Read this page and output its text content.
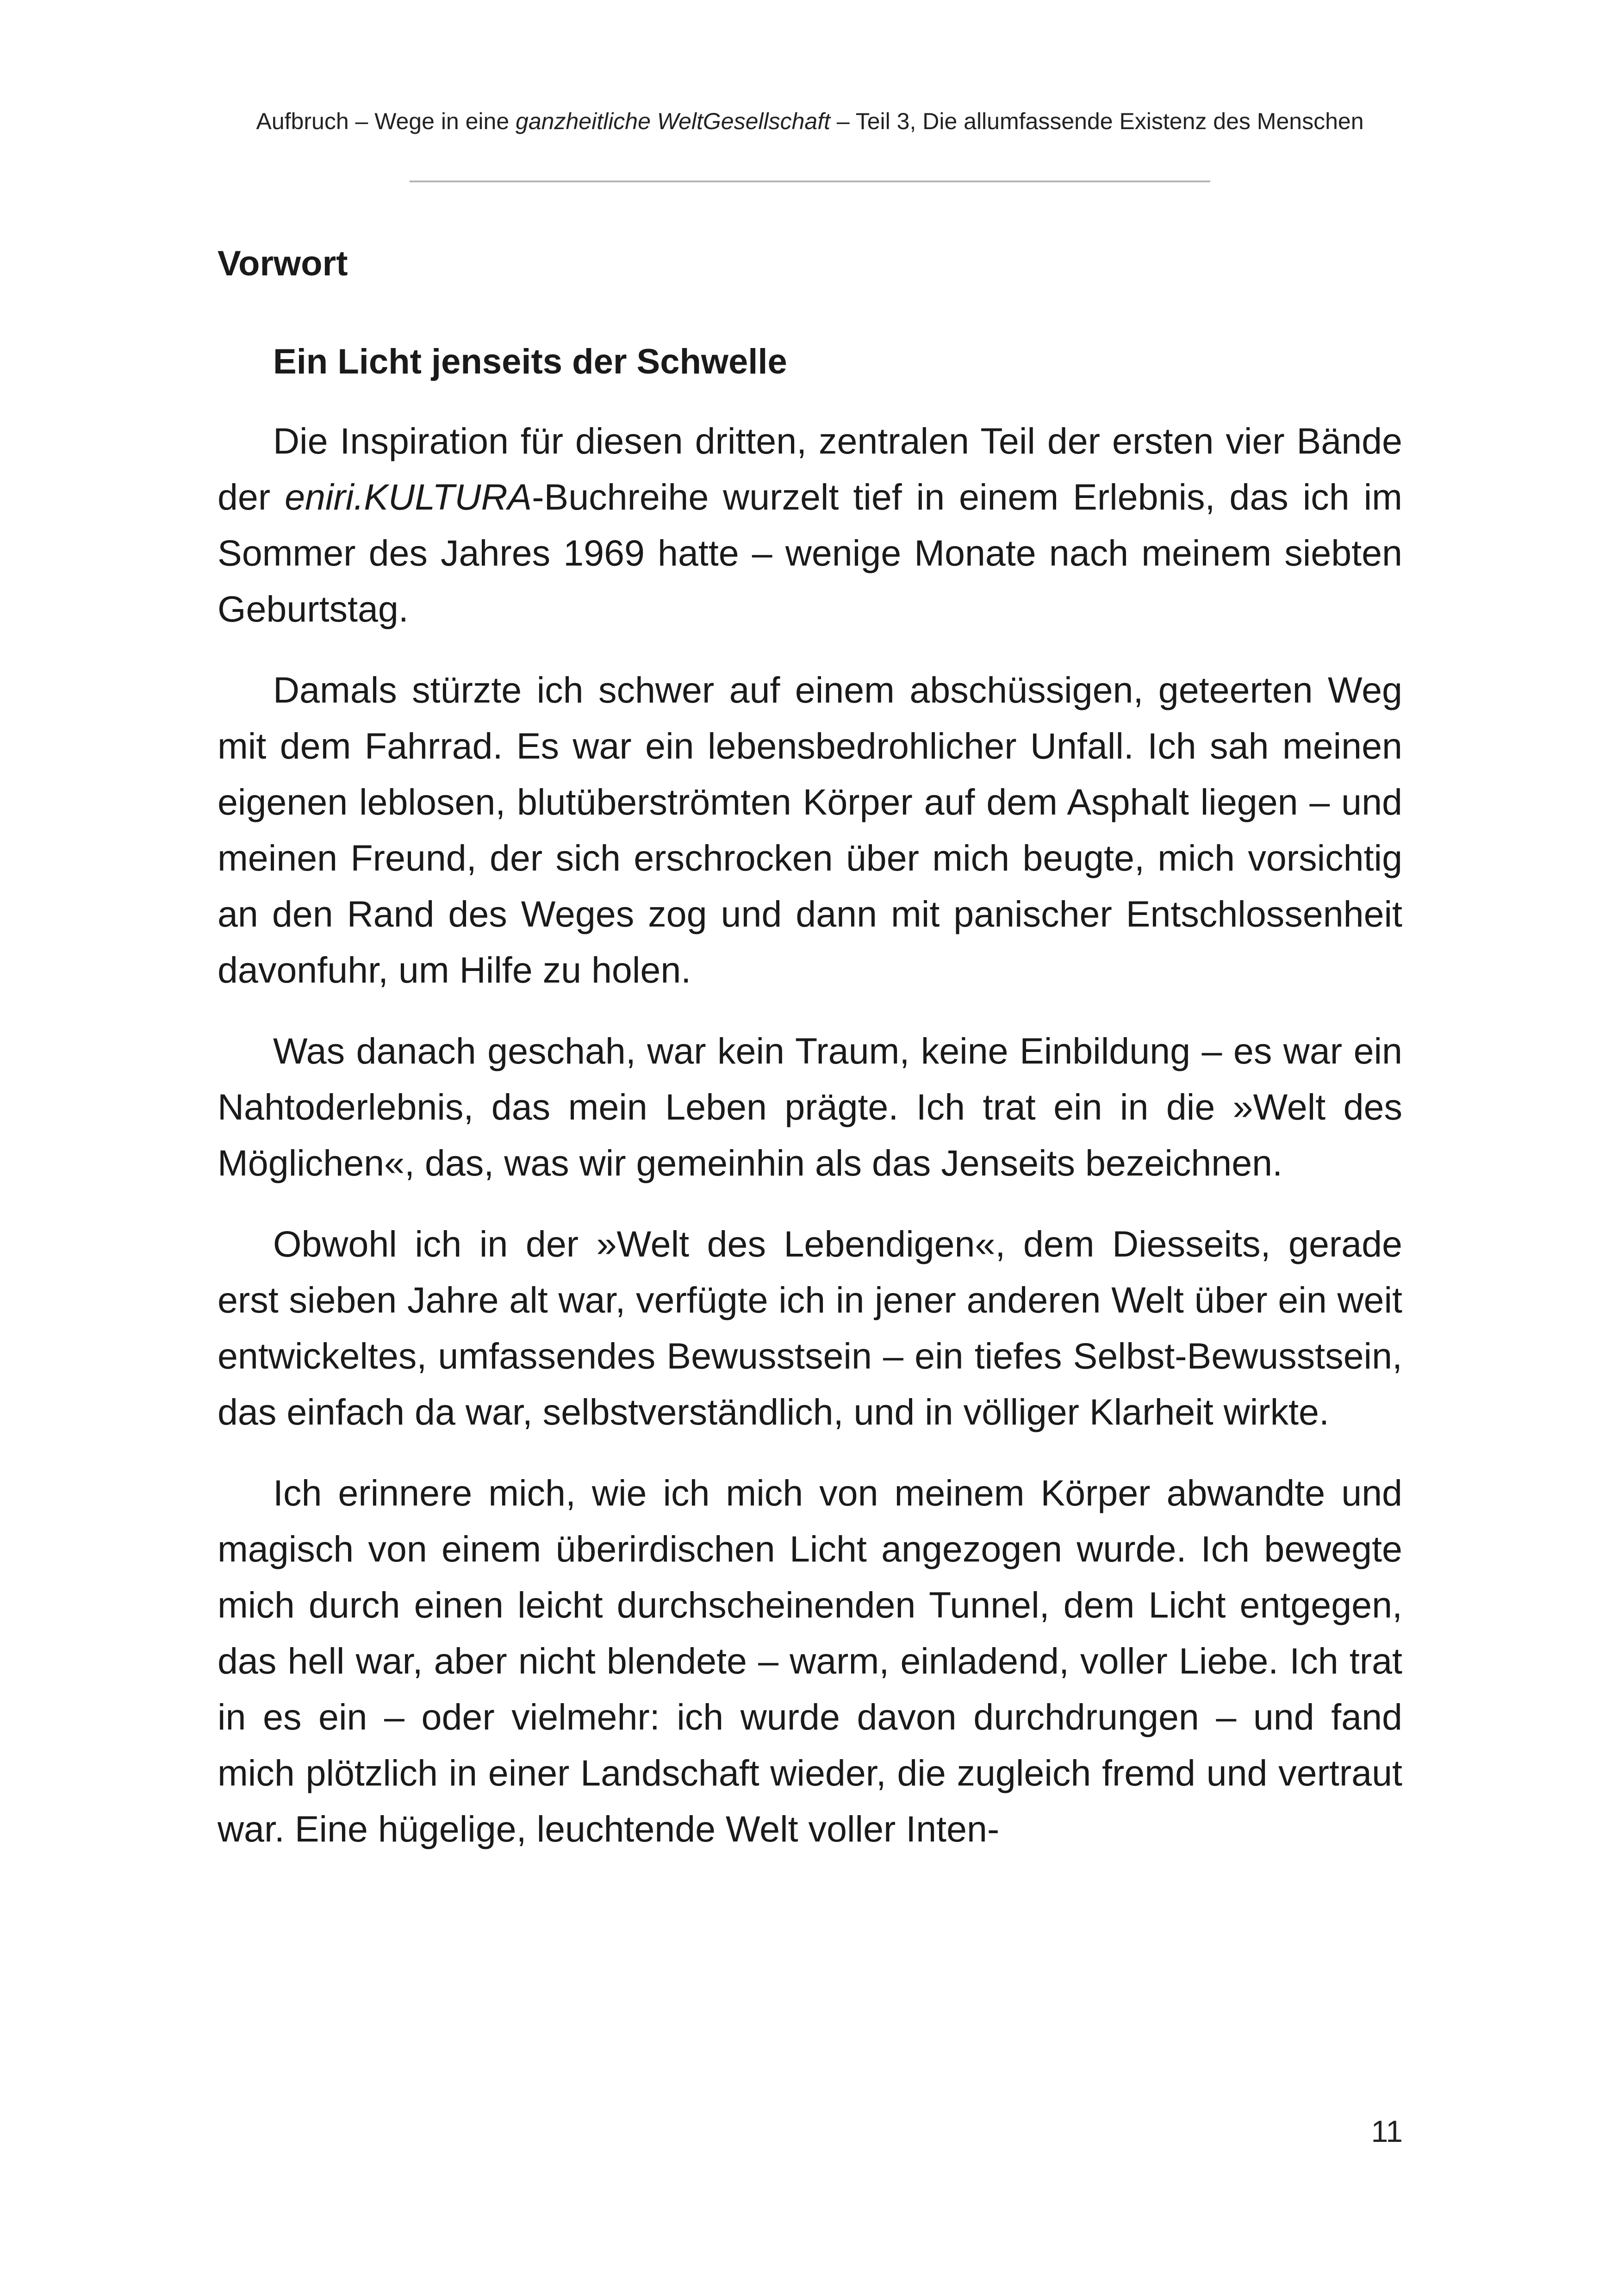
Aufbruch – Wege in eine ganzheitliche WeltGesellschaft – Teil 3, Die allumfassende Existenz des Menschen
Vorwort
Ein Licht jenseits der Schwelle

Die Inspiration für diesen dritten, zentralen Teil der ersten vier Bände der eniri.KULTURA-Buchreihe wurzelt tief in einem Erlebnis, das ich im Sommer des Jahres 1969 hatte – wenige Monate nach meinem siebten Geburtstag.

Damals stürzte ich schwer auf einem abschüssigen, geteerten Weg mit dem Fahrrad. Es war ein lebensbedrohlicher Unfall. Ich sah meinen eigenen leblosen, blutüberströmten Körper auf dem Asphalt liegen – und meinen Freund, der sich erschrocken über mich beugte, mich vorsichtig an den Rand des Weges zog und dann mit panischer Entschlossenheit davonfuhr, um Hilfe zu holen.

Was danach geschah, war kein Traum, keine Einbildung – es war ein Nahtoderlebnis, das mein Leben prägte. Ich trat ein in die »Welt des Möglichen«, das, was wir gemeinhin als das Jenseits bezeichnen.

Obwohl ich in der »Welt des Lebendigen«, dem Diesseits, gerade erst sieben Jahre alt war, verfügte ich in jener anderen Welt über ein weit entwickeltes, umfassendes Bewusstsein – ein tiefes Selbst-Bewusstsein, das einfach da war, selbstverständlich, und in völliger Klarheit wirkte.

Ich erinnere mich, wie ich mich von meinem Körper abwandte und magisch von einem überirdischen Licht angezogen wurde. Ich bewegte mich durch einen leicht durchscheinenden Tunnel, dem Licht entgegen, das hell war, aber nicht blendete – warm, einladend, voller Liebe. Ich trat in es ein – oder vielmehr: ich wurde davon durchdrungen – und fand mich plötzlich in einer Landschaft wieder, die zugleich fremd und vertraut war. Eine hügelige, leuchtende Welt voller Inten-

11
